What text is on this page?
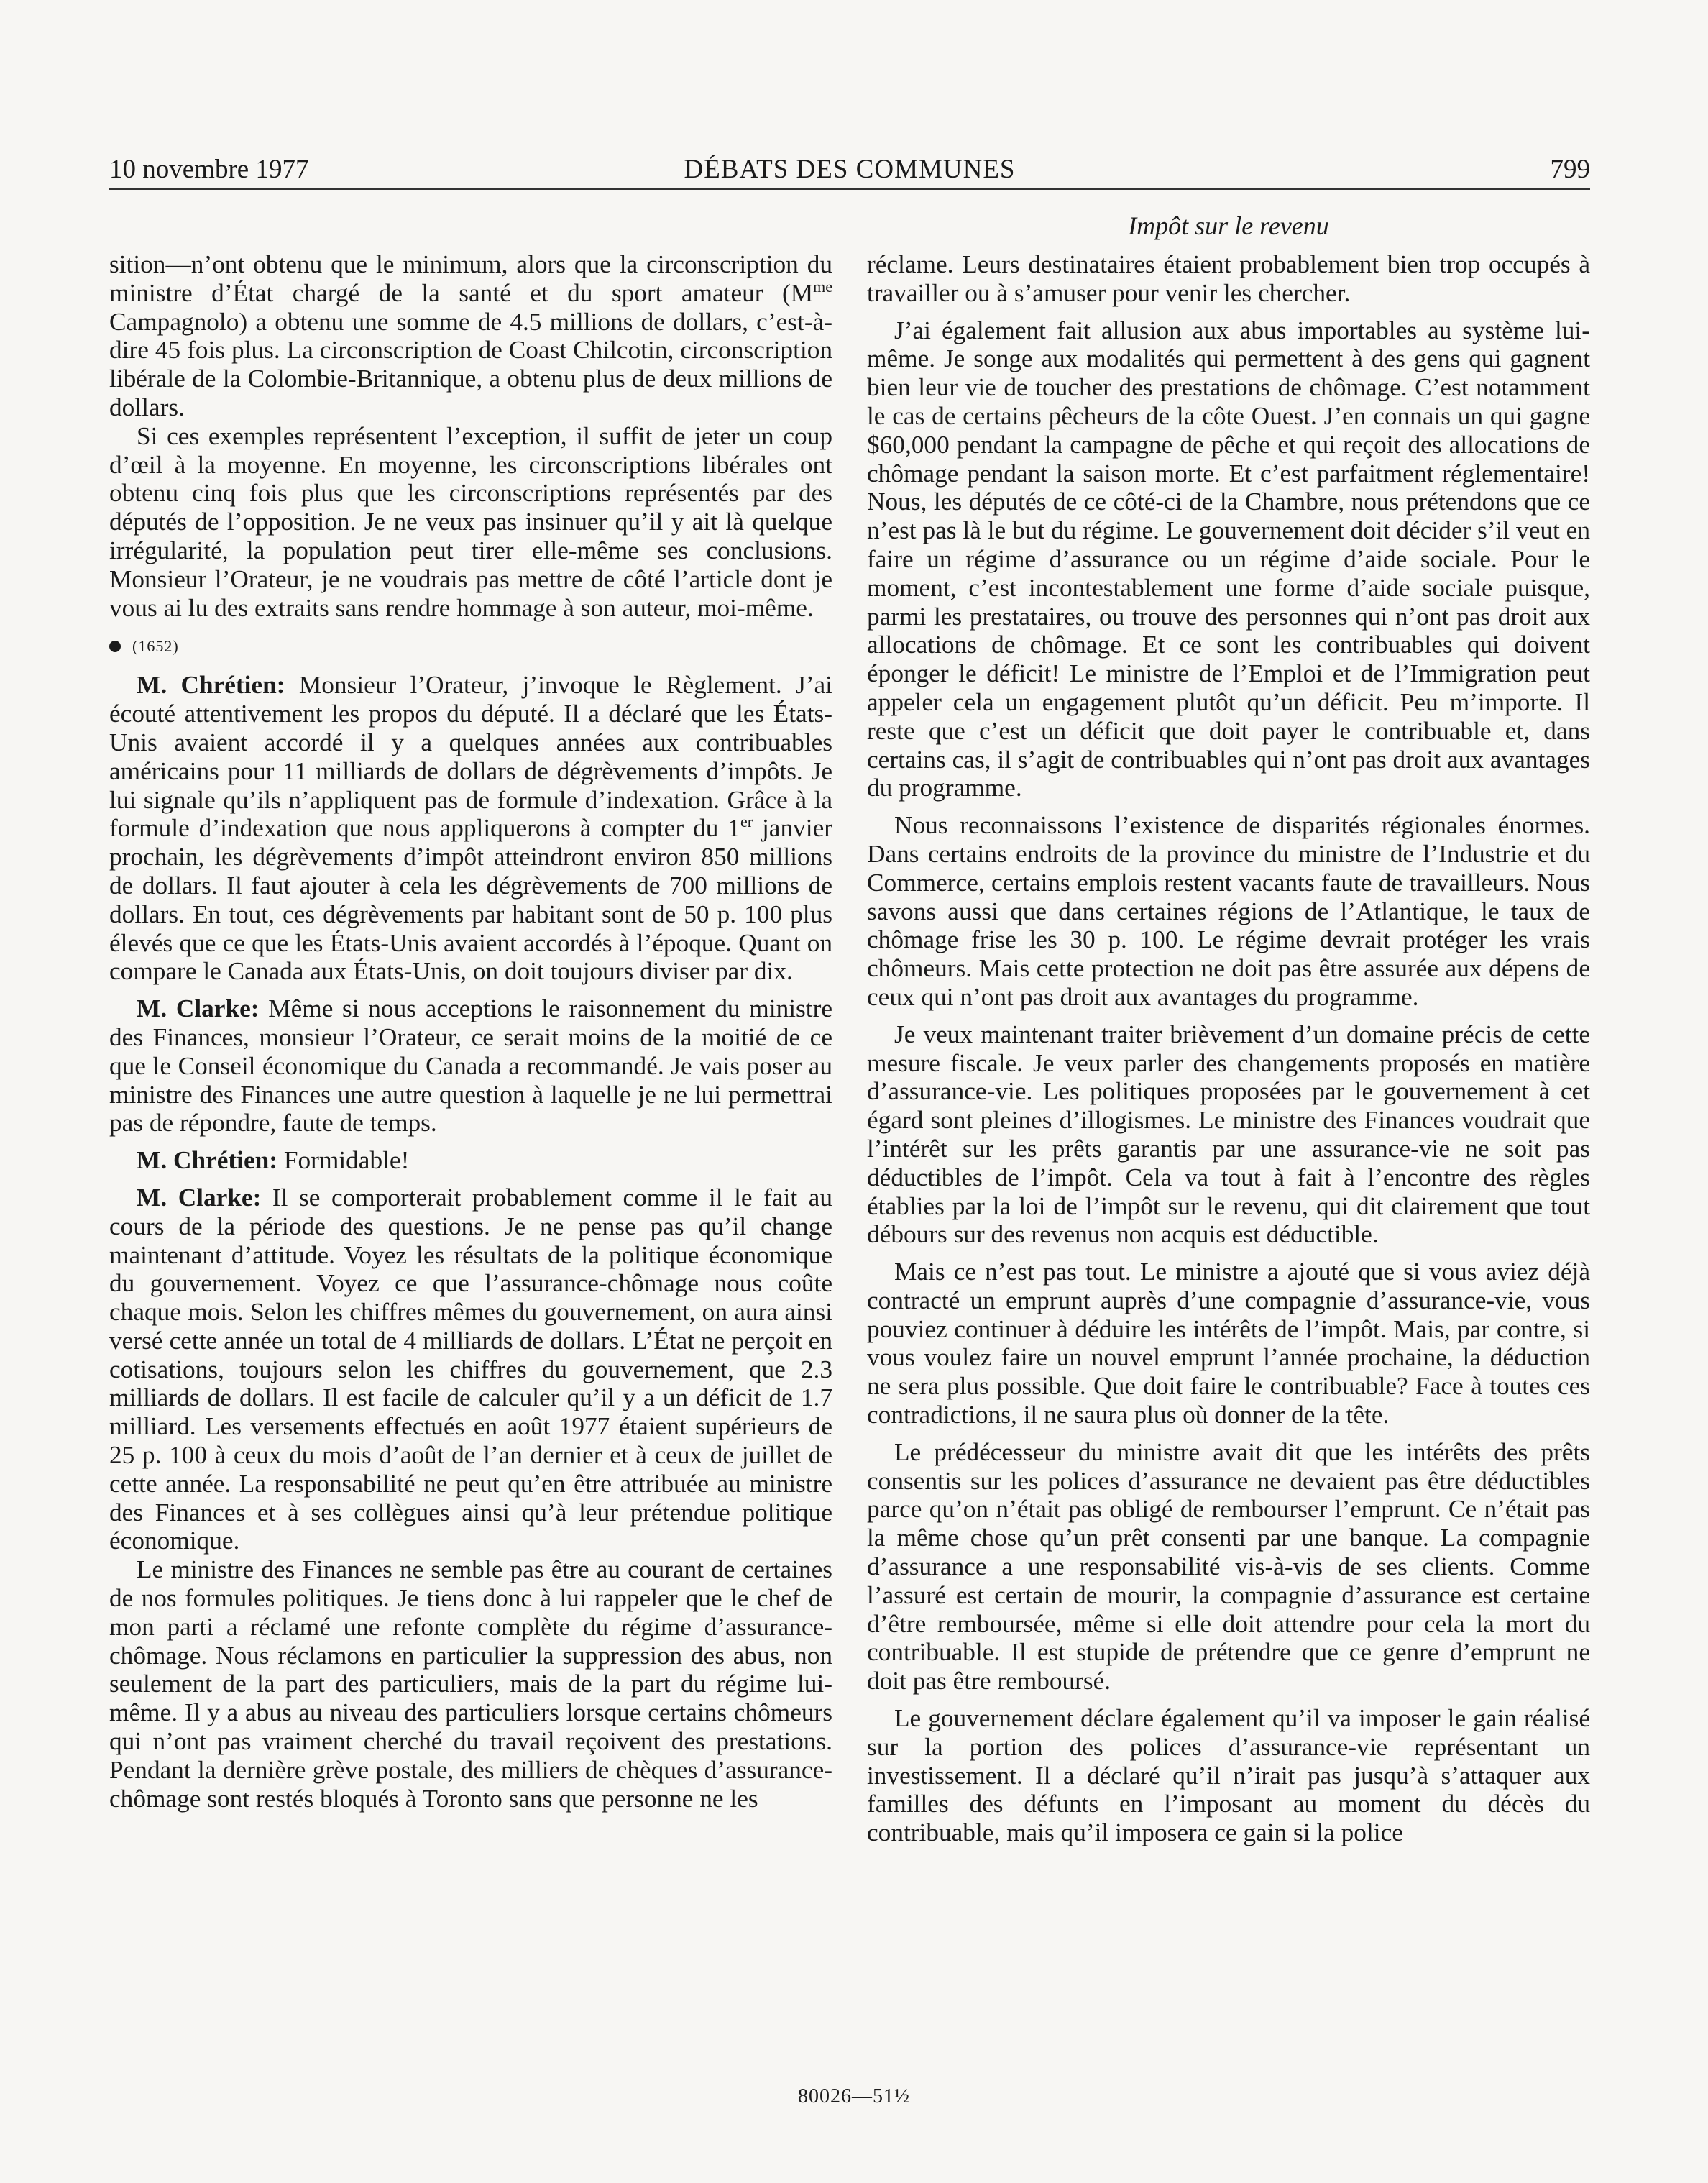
10 novembre 1977	DÉBATS DES COMMUNES	799
Impôt sur le revenu

sition—n’ont obtenu que le minimum, alors que la circonscription du ministre d’État chargé de la santé et du sport amateur ($M^{me}$ Campagnolo) a obtenu une somme de 4.5 millions de dollars, c’est-à-dire 45 fois plus. La circonscription de Coast Chilcotin, circonscription libérale de la Colombie-Britannique, a obtenu plus de deux millions de dollars.

Si ces exemples représentent l’exception, il suffit de jeter un coup d’œil à la moyenne. En moyenne, les circonscriptions libérales ont obtenu cinq fois plus que les circonscriptions représentés par des députés de l’opposition. Je ne veux pas insinuer qu’il y ait là quelque irrégularité, la population peut tirer elle-même ses conclusions. Monsieur l’Orateur, je ne voudrais pas mettre de côté l’article dont je vous ai lu des extraits sans rendre hommage à son auteur, moi-même.

(1652)

M. Chrétien: Monsieur l’Orateur, j’invoque le Règlement. J’ai écouté attentivement les propos du député. Il a déclaré que les États-Unis avaient accordé il y a quelques années aux contribuables américains pour 11 milliards de dollars de dégrèvements d’impôts. Je lui signale qu’ils n’appliquent pas de formule d’indexation. Grâce à la formule d’indexation que nous appliquerons à compter du 1er janvier prochain, les dégrèvements d’impôt atteindront environ 850 millions de dollars. Il faut ajouter à cela les dégrèvements de 700 millions de dollars. En tout, ces dégrèvements par habitant sont de 50 p. 100 plus élevés que ce que les États-Unis avaient accordés à l’époque. Quant on compare le Canada aux États-Unis, on doit toujours diviser par dix.

M. Clarke: Même si nous acceptions le raisonnement du ministre des Finances, monsieur l’Orateur, ce serait moins de la moitié de ce que le Conseil économique du Canada a recommandé. Je vais poser au ministre des Finances une autre question à laquelle je ne lui permettrai pas de répondre, faute de temps.

M. Chrétien: Formidable!

M. Clarke: Il se comporterait probablement comme il le fait au cours de la période des questions. Je ne pense pas qu’il change maintenant d’attitude. Voyez les résultats de la politique économique du gouvernement. Voyez ce que l’assurance-chômage nous coûte chaque mois. Selon les chiffres mêmes du gouvernement, on aura ainsi versé cette année un total de 4 milliards de dollars. L’État ne perçoit en cotisations, toujours selon les chiffres du gouvernement, que 2.3 milliards de dollars. Il est facile de calculer qu’il y a un déficit de 1.7 milliard. Les versements effectués en août 1977 étaient supérieurs de 25 p. 100 à ceux du mois d’août de l’an dernier et à ceux de juillet de cette année. La responsabilité ne peut qu’en être attribuée au ministre des Finances et à ses collègues ainsi qu’à leur prétendue politique économique.

Le ministre des Finances ne semble pas être au courant de certaines de nos formules politiques. Je tiens donc à lui rappeler que le chef de mon parti a réclamé une refonte complète du régime d’assurance-chômage. Nous réclamons en particulier la suppression des abus, non seulement de la part des particuliers, mais de la part du régime lui-même. Il y a abus au niveau des particuliers lorsque certains chômeurs qui n’ont pas vraiment cherché du travail reçoivent des prestations. Pendant la dernière grève postale, des milliers de chèques d’assurance-chômage sont restés bloqués à Toronto sans que personne ne les

réclame. Leurs destinataires étaient probablement bien trop occupés à travailler ou à s’amuser pour venir les chercher.

J’ai également fait allusion aux abus importables au système lui-même. Je songe aux modalités qui permettent à des gens qui gagnent bien leur vie de toucher des prestations de chômage. C’est notamment le cas de certains pêcheurs de la côte Ouest. J’en connais un qui gagne $60,000 pendant la campagne de pêche et qui reçoit des allocations de chômage pendant la saison morte. Et c’est parfaitment réglementaire! Nous, les députés de ce côté-ci de la Chambre, nous prétendons que ce n’est pas là le but du régime. Le gouvernement doit décider s’il veut en faire un régime d’assurance ou un régime d’aide sociale. Pour le moment, c’est incontestablement une forme d’aide sociale puisque, parmi les prestataires, ou trouve des personnes qui n’ont pas droit aux allocations de chômage. Et ce sont les contribuables qui doivent éponger le déficit! Le ministre de l’Emploi et de l’Immigration peut appeler cela un engagement plutôt qu’un déficit. Peu m’importe. Il reste que c’est un déficit que doit payer le contribuable et, dans certains cas, il s’agit de contribuables qui n’ont pas droit aux avantages du programme.

Nous reconnaissons l’existence de disparités régionales énormes. Dans certains endroits de la province du ministre de l’Industrie et du Commerce, certains emplois restent vacants faute de travailleurs. Nous savons aussi que dans certaines régions de l’Atlantique, le taux de chômage frise les 30 p. 100. Le régime devrait protéger les vrais chômeurs. Mais cette protection ne doit pas être assurée aux dépens de ceux qui n’ont pas droit aux avantages du programme.

Je veux maintenant traiter brièvement d’un domaine précis de cette mesure fiscale. Je veux parler des changements proposés en matière d’assurance-vie. Les politiques proposées par le gouvernement à cet égard sont pleines d’illogismes. Le ministre des Finances voudrait que l’intérêt sur les prêts garantis par une assurance-vie ne soit pas déductibles de l’impôt. Cela va tout à fait à l’encontre des règles établies par la loi de l’impôt sur le revenu, qui dit clairement que tout débours sur des revenus non acquis est déductible.

Mais ce n’est pas tout. Le ministre a ajouté que si vous aviez déjà contracté un emprunt auprès d’une compagnie d’assurance-vie, vous pouviez continuer à déduire les intérêts de l’impôt. Mais, par contre, si vous voulez faire un nouvel emprunt l’année prochaine, la déduction ne sera plus possible. Que doit faire le contribuable? Face à toutes ces contradictions, il ne saura plus où donner de la tête.

Le prédécesseur du ministre avait dit que les intérêts des prêts consentis sur les polices d’assurance ne devaient pas être déductibles parce qu’on n’était pas obligé de rembourser l’emprunt. Ce n’était pas la même chose qu’un prêt consenti par une banque. La compagnie d’assurance a une responsabilité vis-à-vis de ses clients. Comme l’assuré est certain de mourir, la compagnie d’assurance est certaine d’être remboursée, même si elle doit attendre pour cela la mort du contribuable. Il est stupide de prétendre que ce genre d’emprunt ne doit pas être remboursé.

Le gouvernement déclare également qu’il va imposer le gain réalisé sur la portion des polices d’assurance-vie représentant un investissement. Il a déclaré qu’il n’irait pas jusqu’à s’attaquer aux familles des défunts en l’imposant au moment du décès du contribuable, mais qu’il imposera ce gain si la police

80026—51½
